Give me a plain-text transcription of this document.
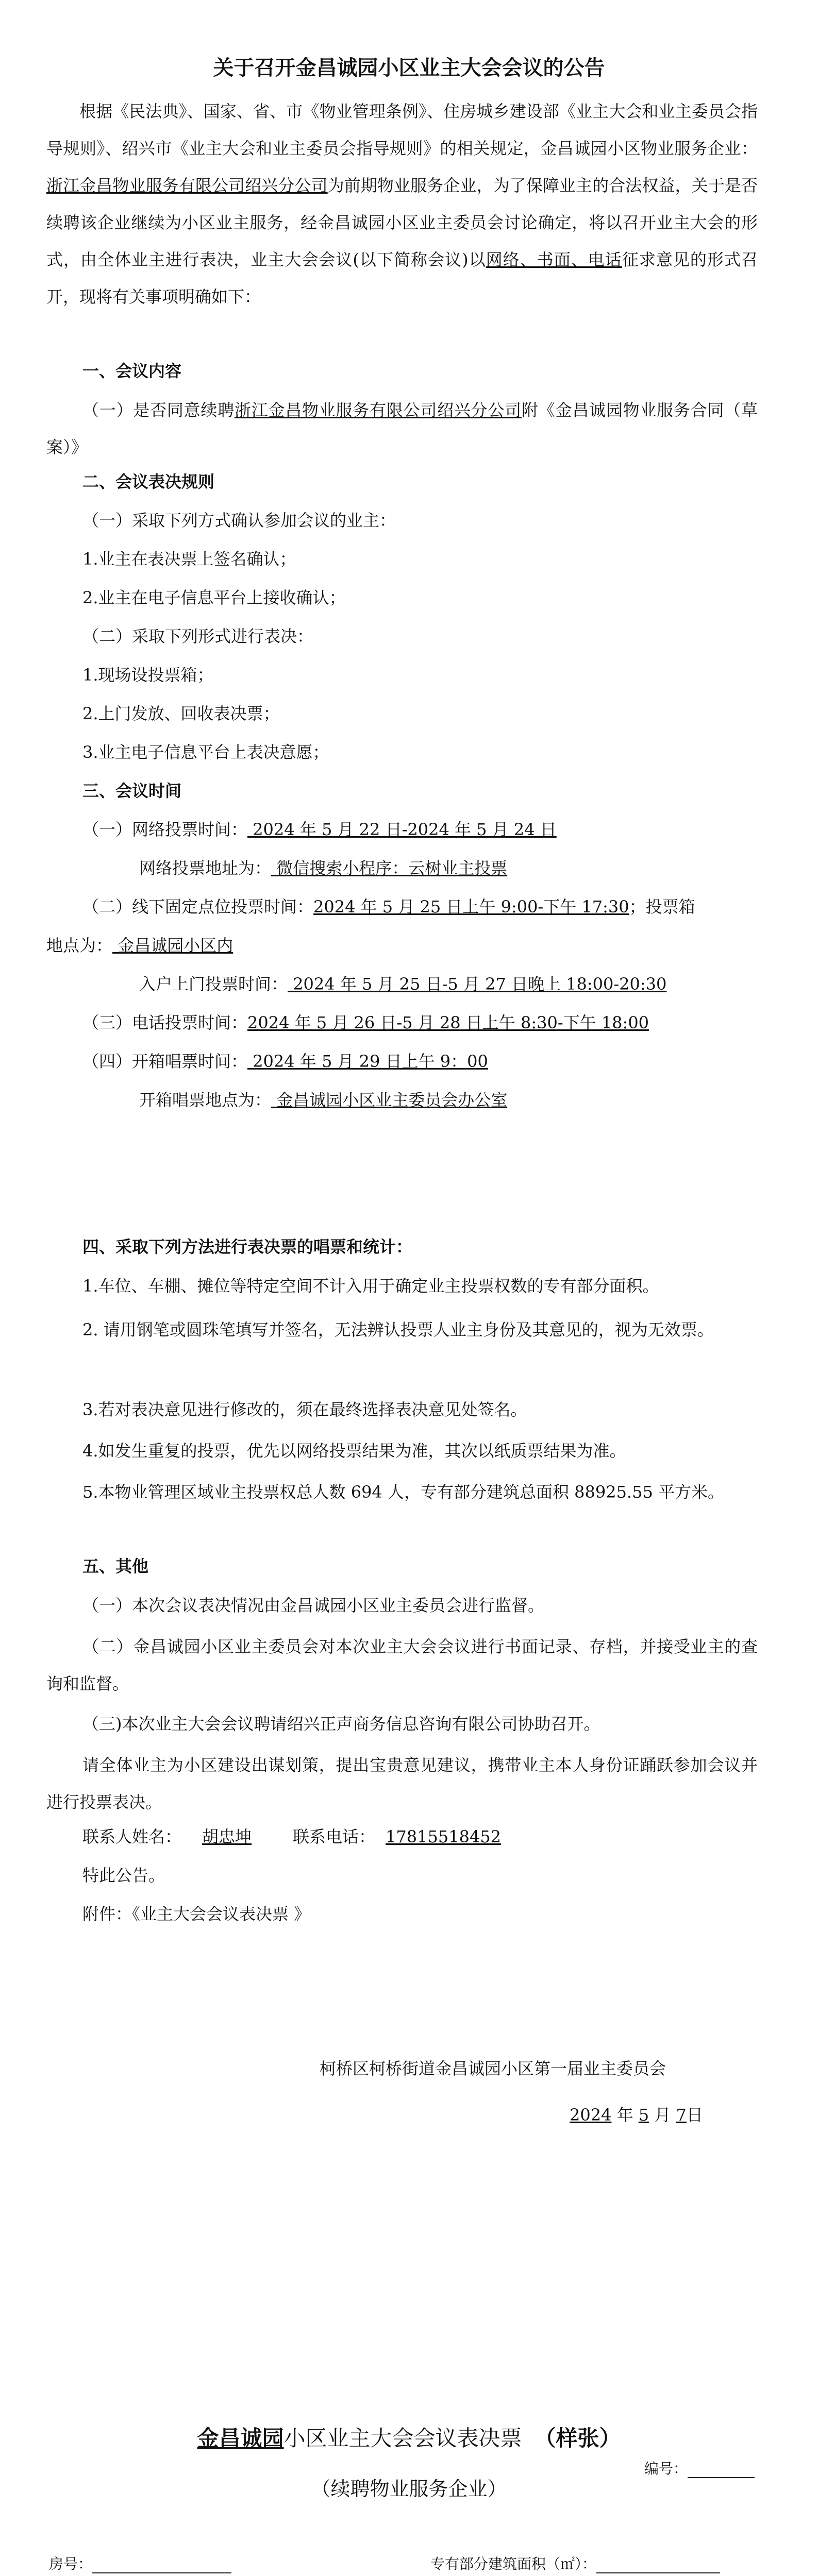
关于召开金昌诚园小区业主大会会议的公告
根据《民法典》、国家、省、市《物业管理条例》、住房城乡建设部《业主大会和业主委员会指导规则》、绍兴市《业主大会和业主委员会指导规则》的相关规定，金昌诚园小区物业服务企业：浙江金昌物业服务有限公司绍兴分公司为前期物业服务企业，为了保障业主的合法权益，关于是否续聘该企业继续为小区业主服务，经金昌诚园小区业主委员会讨论确定，将以召开业主大会的形式，由全体业主进行表决，业主大会会议(以下简称会议)以网络、书面、电话征求意见的形式召开，现将有关事项明确如下：
一、会议内容
（一）是否同意续聘浙江金昌物业服务有限公司绍兴分公司附《金昌诚园物业服务合同（草案）》
二、会议表决规则
（一）采取下列方式确认参加会议的业主：
1.业主在表决票上签名确认；
2.业主在电子信息平台上接收确认；
（二）采取下列形式进行表决：
1.现场设投票箱；
2.上门发放、回收表决票；
3.业主电子信息平台上表决意愿；
三、会议时间
（一）网络投票时间： 2024 年 5 月 22 日-2024 年 5 月 24 日
网络投票地址为： 微信搜索小程序：云树业主投票
（二）线下固定点位投票时间：2024 年 5 月 25 日上午 9:00-下午 17:30；投票箱
地点为： 金昌诚园小区内
入户上门投票时间： 2024 年 5 月 25 日-5 月 27 日晚上 18:00-20:30
（三）电话投票时间：2024 年 5 月 26 日-5 月 28 日上午 8:30-下午 18:00
（四）开箱唱票时间： 2024 年 5 月 29 日上午 9：00
开箱唱票地点为： 金昌诚园小区业主委员会办公室
四、采取下列方法进行表决票的唱票和统计：
1.车位、车棚、摊位等特定空间不计入用于确定业主投票权数的专有部分面积。
2. 请用钢笔或圆珠笔填写并签名，无法辨认投票人业主身份及其意见的，视为无效票。
3.若对表决意见进行修改的，须在最终选择表决意见处签名。
4.如发生重复的投票，优先以网络投票结果为准，其次以纸质票结果为准。
5.本物业管理区域业主投票权总人数 694 人，专有部分建筑总面积 88925.55 平方米。
五、其他
（一）本次会议表决情况由金昌诚园小区业主委员会进行监督。
（二）金昌诚园小区业主委员会对本次业主大会会议进行书面记录、存档，并接受业主的查询和监督。
（三)本次业主大会会议聘请绍兴正声商务信息咨询有限公司协助召开。
请全体业主为小区建设出谋划策，提出宝贵意见建议，携带业主本人身份证踊跃参加会议并进行投票表决。
联系人姓名： 胡忠坤	联系电话： 17815518452
特此公告。
附件：《业主大会会议表决票 》
柯桥区柯桥街道金昌诚园小区第一届业主委员会
2024 年 5 月 7日
金昌诚园小区业主大会会议表决票 （样张）
编号：
（续聘物业服务企业）
房号：	专有部分建筑面积（㎡）：
